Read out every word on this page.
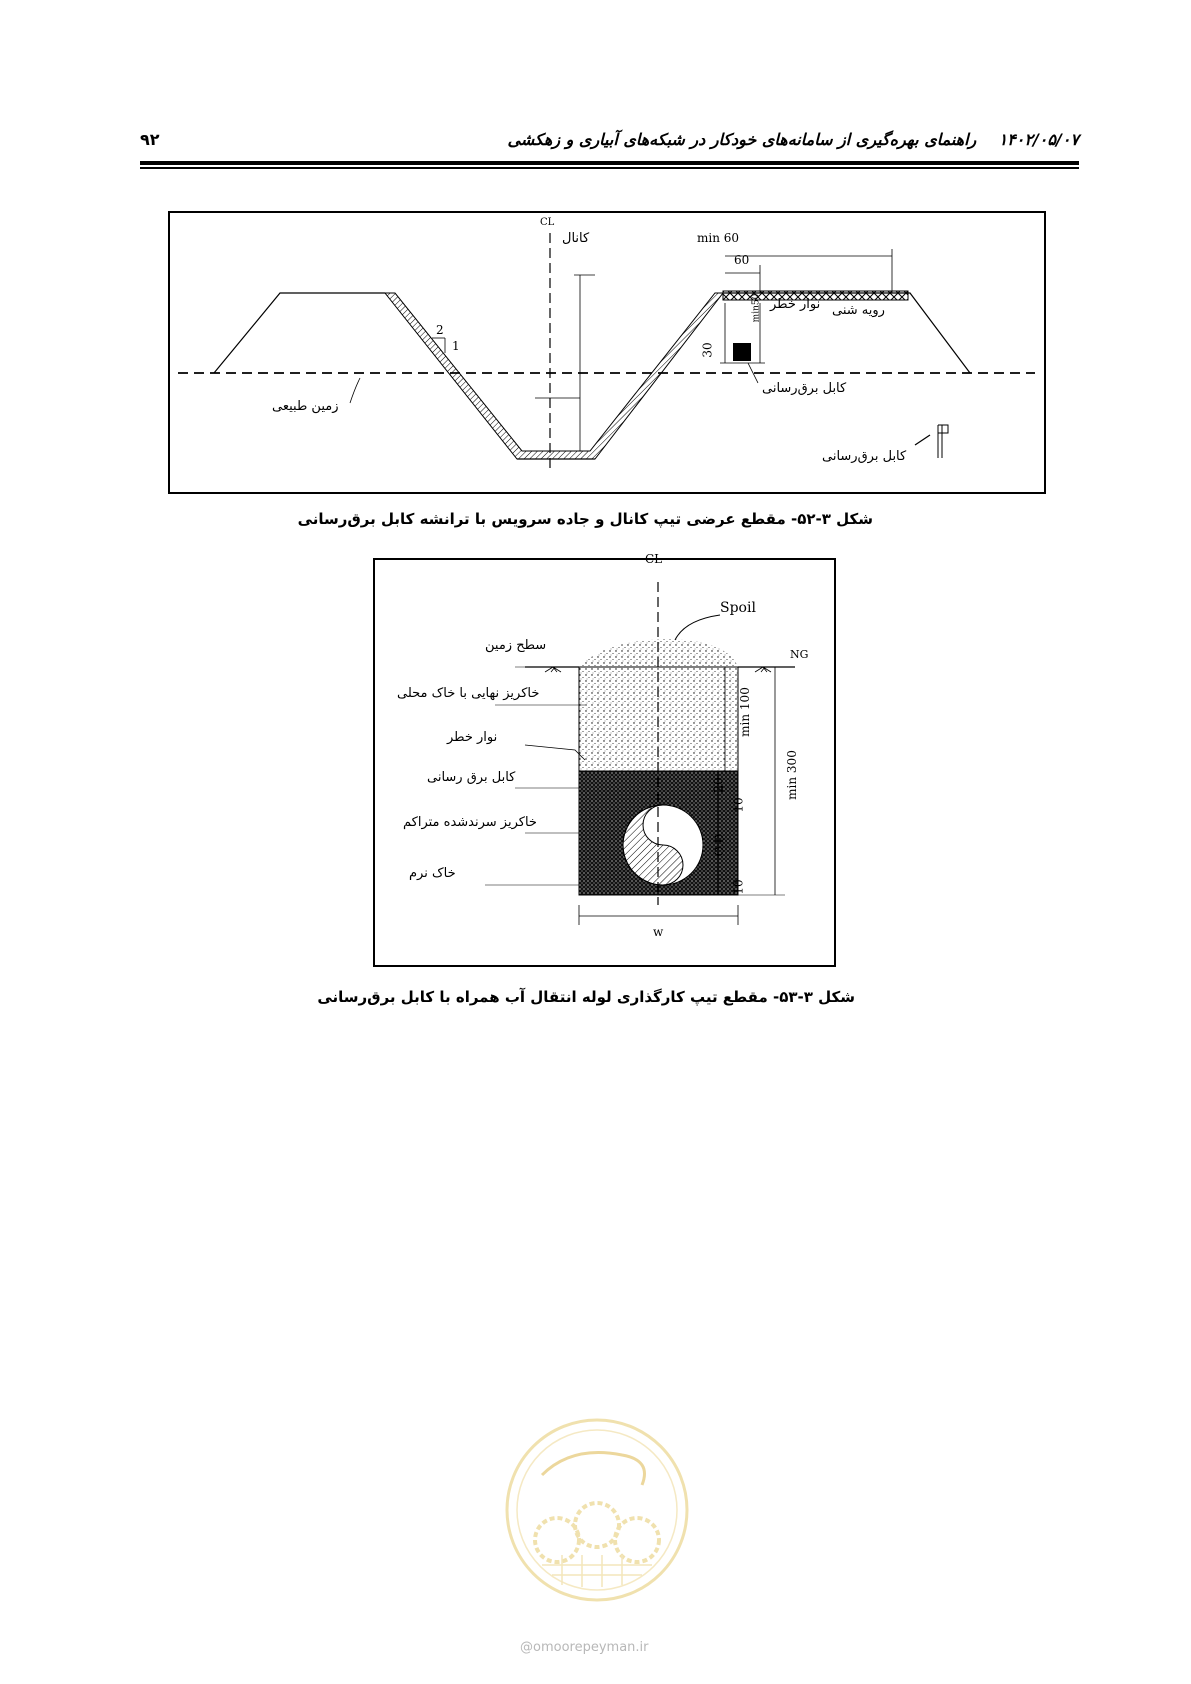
۱۴۰۲/۰۵/۰۷    راهنمای بهره‌گیری از سامانه‌های خودکار در شبکه‌های آبیاری و زهکشی
۹۲
CL
کانال	min 60
60
نوار خطر
min50	رویه شنی
30
2
1
زمین طبیعی
کابل برق‌رسانی
کابل برق‌رسانی
شکل ۳-۵۲- مقطع عرضی تیپ کانال و جاده سرویس با ترانشه کابل برق‌رسانی
CL
Spoil
NG
سطح زمین
خاکریز نهایی با خاک محلی
نوار خطر
کابل برق رسانی
خاکریز سرندشده متراکم
خاک نرم
min 100
min 300
20
10
O.D
10
w
شکل ۳-۵۳- مقطع تیپ کارگذاری لوله انتقال آب همراه با کابل برق‌رسانی
@omoorepeyman.ir
